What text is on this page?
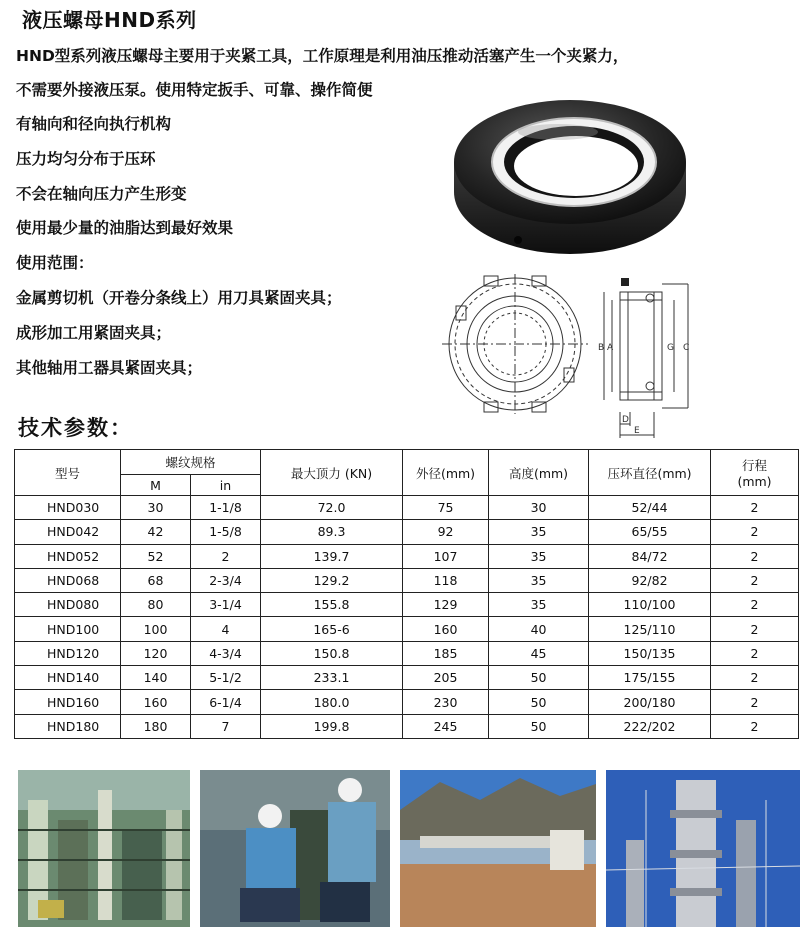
液压螺母HND系列
HND型系列液压螺母主要用于夹紧工具，工作原理是利用油压推动活塞产生一个夹紧力，
不需要外接液压泵。使用特定扳手、可靠、操作简便
有轴向和径向执行机构
压力均匀分布于压环
不会在轴向压力产生形变
使用最少量的油脂达到最好效果
使用范围：
金属剪切机（开卷分条线上）用刀具紧固夹具；
成形加工用紧固夹具；
其他轴用工器具紧固夹具；
B A	G C
D
E
技术参数：
型号	螺纹规格		最大顶力 (KN)	外径(mm)	高度(mm)	压环直径(mm)	行程
(mm)

	M	in					
HND030	30	1-1/8	72.0	75	30	52/44	2
HND042	42	1-5/8	89.3	92	35	65/55	2
HND052	52	2	139.7	107	35	84/72	2
HND068	68	2-3/4	129.2	118	35	92/82	2
HND080	80	3-1/4	155.8	129	35	110/100	2
HND100	100	4	165-6	160	40	125/110	2
HND120	120	4-3/4	150.8	185	45	150/135	2
HND140	140	5-1/2	233.1	205	50	175/155	2
HND160	160	6-1/4	180.0	230	50	200/180	2
HND180	180	7	199.8	245	50	222/202	2
